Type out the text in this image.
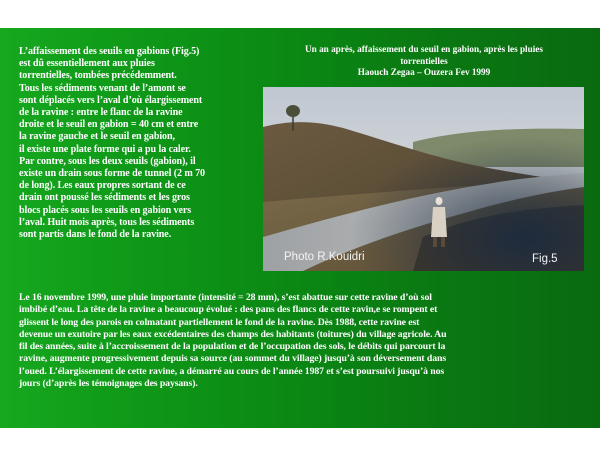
L’affaissement des seuils en gabions (Fig.5)
est dû essentiellement aux pluies
torrentielles, tombées précédemment.
Tous les sédiments venant de l’amont se
sont déplacés vers l’aval d’où élargissement
de la ravine : entre le flanc de la ravine
droite et le seuil en gabion = 40 cm et entre
la ravine gauche et le seuil en gabion,
il existe une plate forme qui a pu la caler.
Par contre, sous les deux seuils (gabion), il
existe un drain sous forme de tunnel (2 m 70
de long). Les eaux propres sortant de ce
drain ont poussé les sédiments et les gros
blocs placés sous les seuils en gabion vers
l’aval. Huit mois après, tous les sédiments
sont partis dans le fond de la ravine.
Un an après, affaissement du seuil en gabion, après les pluies
torrentielles
Haouch Zegaa – Ouzera Fev 1999
Photo R.Kouidri	Fig.5
Le 16 novembre 1999, une pluie importante (intensité = 28 mm), s’est abattue sur cette ravine d’où sol
imbibé d’eau. La tête de la ravine a beaucoup évolué : des pans des flancs de cette ravin,e se rompent et
glissent le long des parois en colmatant partiellement le fond de la ravine. Dès 1988, cette ravine est
devenue un exutoire par les eaux excédentaires des champs des habitants (toitures) du village agricole. Au
fil des années, suite à l’accroissement de la population et de l’occupation des sols, le débits qui parcourt la
ravine, augmente progressivement depuis sa source (au sommet du village) jusqu’à son déversement dans
l’oued. L’élargissement de cette ravine, a démarré au cours de l’année 1987 et s’est poursuivi jusqu’à nos
jours (d’après les témoignages des paysans).
